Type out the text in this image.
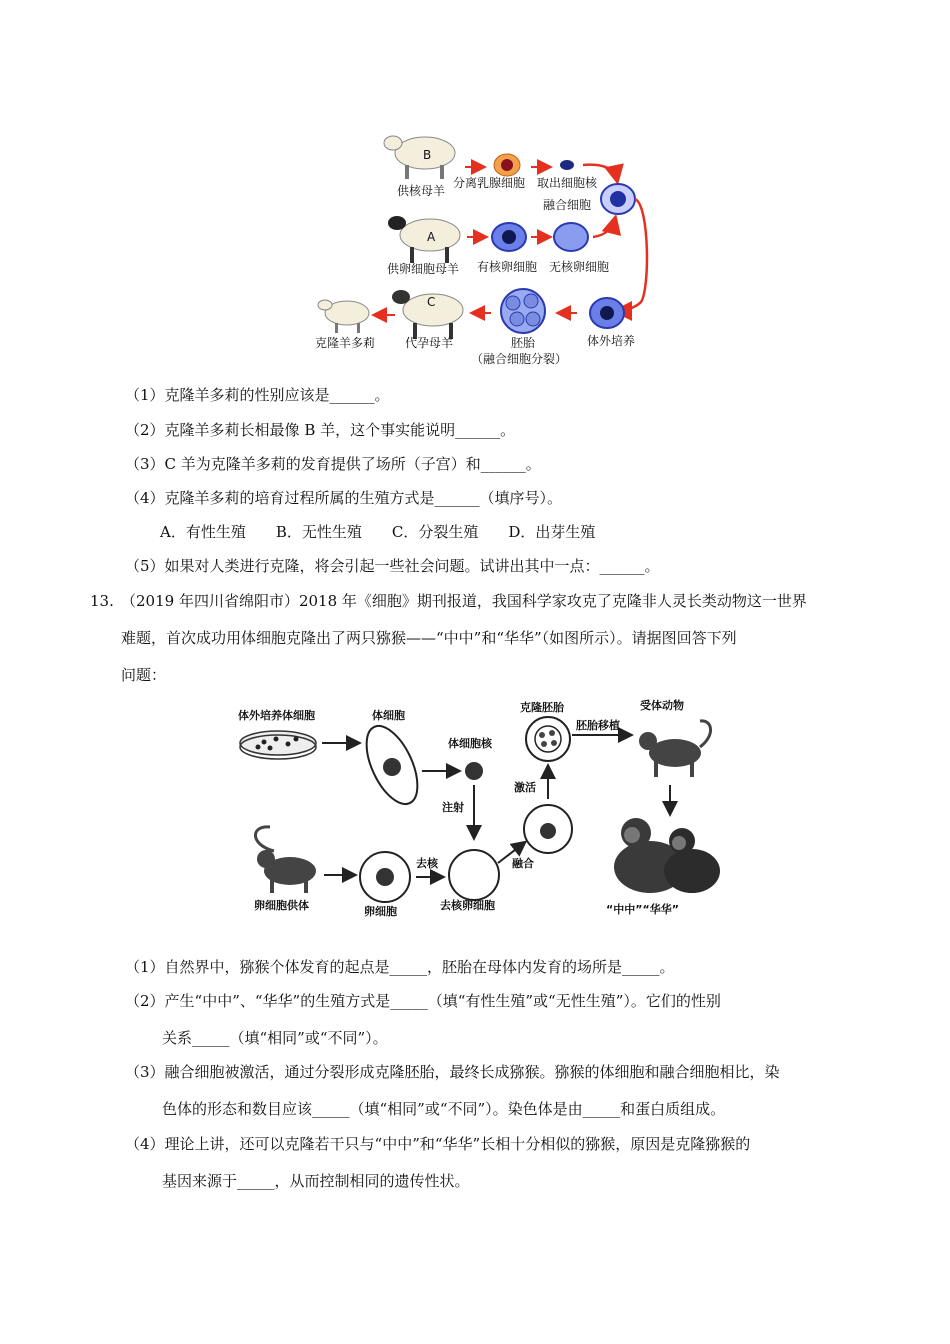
B
供核母羊
分离乳腺细胞 取出细胞核
融合细胞
A
供卵细胞母羊 有核卵细胞 无核卵细胞
体外培养
胚胎
（融合细胞分裂）
C
代孕母羊
克隆羊多莉
（1）克隆羊多莉的性别应该是______。
（2）克隆羊多莉长相最像 B 羊，这个事实能说明______。
（3）C 羊为克隆羊多莉的发育提供了场所（子宫）和______。
（4）克隆羊多莉的培育过程所属的生殖方式是______（填序号）。
A．有性生殖　　B．无性生殖　　C．分裂生殖　　D．出芽生殖
（5）如果对人类进行克隆，将会引起一些社会问题。试讲出其中一点：______。
13. （2019 年四川省绵阳市）2018 年《细胞》期刊报道，我国科学家攻克了克隆非人灵长类动物这一世界
难题，首次成功用体细胞克隆出了两只猕猴——“中中”和“华华”（如图所示）。请据图回答下列
问题：
体外培养体细胞	体细胞
体细胞核
注射
克隆胚胎
胚胎移植
受体动物
“中中”“华华”
激活
融合
卵细胞供体	卵细胞
去核
去核卵细胞
（1）自然界中，猕猴个体发育的起点是_____，胚胎在母体内发育的场所是_____。
（2）产生“中中”、“华华”的生殖方式是_____（填“有性生殖”或“无性生殖”）。它们的性别
关系_____（填“相同”或“不同”）。
（3）融合细胞被激活，通过分裂形成克隆胚胎，最终长成猕猴。猕猴的体细胞和融合细胞相比，染
色体的形态和数目应该_____（填“相同”或“不同”）。染色体是由_____和蛋白质组成。
（4）理论上讲，还可以克隆若干只与“中中”和“华华”长相十分相似的猕猴，原因是克隆猕猴的
基因来源于_____，从而控制相同的遗传性状。
